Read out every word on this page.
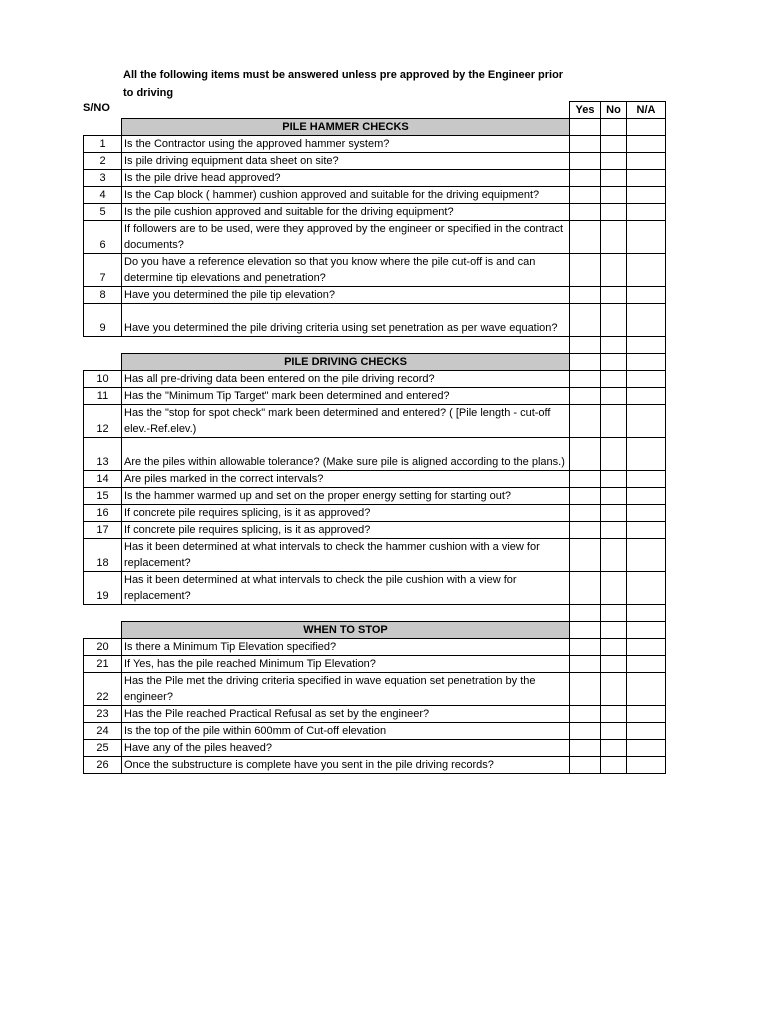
All the following items must be answered unless pre approved by the Engineer prior
to driving
S/NO
			Yes	No	N/A
	PILE HAMMER CHECKS			
1	Is the Contractor using the approved hammer system?			
2	Is pile driving equipment data sheet on site?			
3	Is the pile drive head approved?			
4	Is the Cap block ( hammer) cushion approved and suitable for the driving equipment?			
5	Is the pile cushion approved and suitable for the driving equipment?			
6	If followers are to be used, were they approved by the engineer or specified in the contract documents?			
7	Do you have a reference elevation so that you know where the pile cut-off is and can determine tip elevations and penetration?			
8	Have you determined the pile tip elevation?			
9	Have you determined the pile driving criteria using set penetration as per wave equation?			

	PILE DRIVING CHECKS			
10	Has all pre-driving data been entered on the pile driving record?			
11	Has the "Minimum Tip Target" mark been determined and entered?			
12	Has the "stop for spot check" mark been determined and entered? ( [Pile length - cut-off elev.-Ref.elev.)			
13	Are the piles within allowable tolerance? (Make sure pile is aligned according to the plans.)			
14	Are piles marked in the correct intervals?			
15	Is the hammer warmed up and set on the proper energy setting for starting out?			
16	If concrete pile requires splicing, is it as approved?			
17	If concrete pile requires splicing, is it as approved?			
18	Has it been determined at what intervals to check the hammer cushion with a view for replacement?			
19	Has it been determined at what intervals to check the pile cushion with a view for replacement?			

	WHEN TO STOP			
20	Is there a Minimum Tip Elevation specified?			
21	If Yes, has the pile reached Minimum Tip Elevation?			
22	Has the Pile met the driving criteria specified in wave equation set penetration by the engineer?			
23	Has the Pile reached Practical Refusal as set by the engineer?			
24	Is the top of the pile within 600mm of Cut-off elevation			
25	Have any of the piles heaved?			
26	Once the substructure is complete have you sent in the pile driving records?			
